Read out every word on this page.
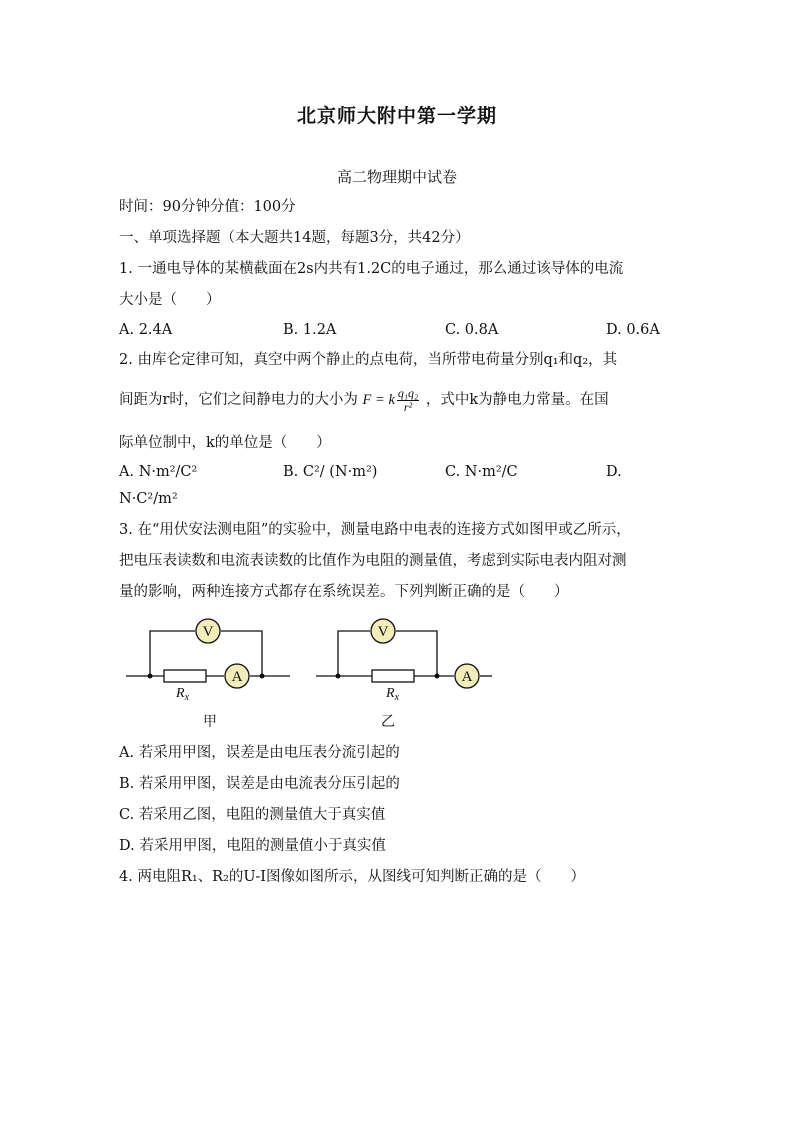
北京师大附中第一学期
高二物理期中试卷
时间：90分钟分值：100分
一、单项选择题（本大题共14题，每题3分，共42分）
1. 一通电导体的某横截面在2s内共有1.2C的电子通过，那么通过该导体的电流
大小是（　　）
A. 2.4A	B. 1.2A	C. 0.8A	D. 0.6A
2. 由库仑定律可知，真空中两个静止的点电荷，当所带电荷量分别q₁和q₂，其
间距为r时，它们之间静电力的大小为 F = k $\frac{\text{q₁q₂}}{\text{r²}}$ ，式中k为静电力常量。在国
际单位制中，k的单位是（　　）
A. N·m²/C²	B. C²/ (N·m²)	C. N·m²/C	D.
N·C²/m²
3. 在“用伏安法测电阻”的实验中，测量电路中电表的连接方式如图甲或乙所示，
把电压表读数和电流表读数的比值作为电阻的测量值，考虑到实际电表内阻对测
量的影响，两种连接方式都存在系统误差。下列判断正确的是（　　）
V
A
$R_x$
甲
V
A
$R_x$
乙
A. 若采用甲图，误差是由电压表分流引起的
B. 若采用甲图，误差是由电流表分压引起的
C. 若采用乙图，电阻的测量值大于真实值
D. 若采用甲图，电阻的测量值小于真实值
4. 两电阻R₁、R₂的U-I图像如图所示，从图线可知判断正确的是（　　）
